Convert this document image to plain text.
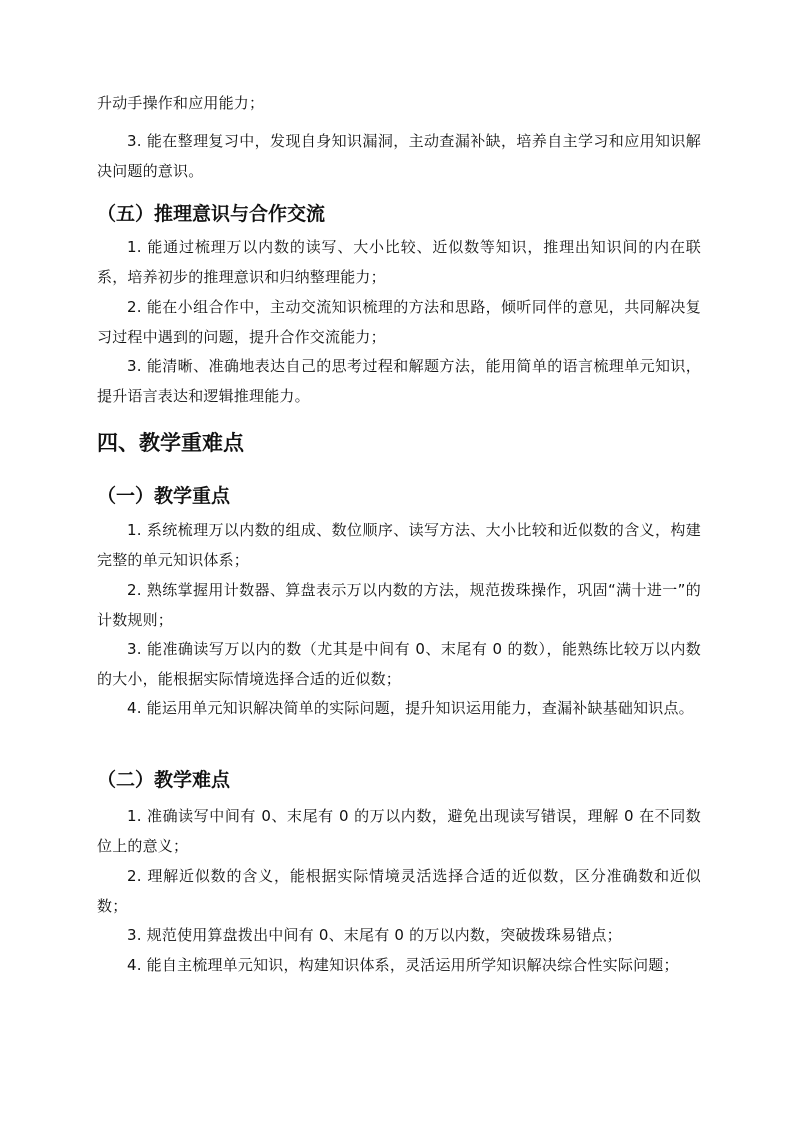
升动手操作和应用能力；

3. 能在整理复习中，发现自身知识漏洞，主动查漏补缺，培养自主学习和应用知识解决问题的意识。

（五）推理意识与合作交流

1. 能通过梳理万以内数的读写、大小比较、近似数等知识，推理出知识间的内在联系，培养初步的推理意识和归纳整理能力；

2. 能在小组合作中，主动交流知识梳理的方法和思路，倾听同伴的意见，共同解决复习过程中遇到的问题，提升合作交流能力；

3. 能清晰、准确地表达自己的思考过程和解题方法，能用简单的语言梳理单元知识，提升语言表达和逻辑推理能力。

四、教学重难点
（一）教学重点

1. 系统梳理万以内数的组成、数位顺序、读写方法、大小比较和近似数的含义，构建完整的单元知识体系；

2. 熟练掌握用计数器、算盘表示万以内数的方法，规范拨珠操作，巩固“满十进一”的计数规则；

3. 能准确读写万以内的数（尤其是中间有 0、末尾有 0 的数），能熟练比较万以内数的大小，能根据实际情境选择合适的近似数；

4. 能运用单元知识解决简单的实际问题，提升知识运用能力，查漏补缺基础知识点。

（二）教学难点

1. 准确读写中间有 0、末尾有 0 的万以内数，避免出现读写错误，理解 0 在不同数位上的意义；

2. 理解近似数的含义，能根据实际情境灵活选择合适的近似数，区分准确数和近似数；

3. 规范使用算盘拨出中间有 0、末尾有 0 的万以内数，突破拨珠易错点；

4. 能自主梳理单元知识，构建知识体系，灵活运用所学知识解决综合性实际问题；
